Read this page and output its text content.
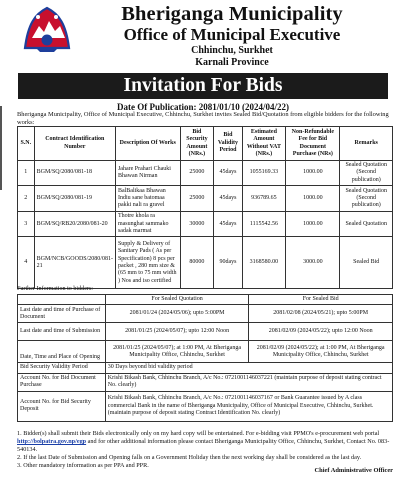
Bheriganga Municipality
Office of Municipal Executive
Chhinchu, Surkhet
Karnali Province
Invitation For Bids
Date Of Publication: 2081/01/10 (2024/04/22)
Bheriganga Municipality, Office of Municipal Executive, Chhinchu, Surkhet invites Sealed Bid/Quotation from eligible bidders for the following works:
S.N.	Contract Identification Number	Description Of Works	Bid Security Amount (NRs.)	Bid Validity Period	Estimated Amount Without VAT (NRs.)	Non-Refundable Fee for Bid Document Purchase (NRs)	Remarks
1	BGM/SQ/2080/081-18	Jahare Prahari Chauki Bhawan Nirman	25000	45days	1055169.33	1000.00	Sealed Quotation (Second publication)
2	BGM/SQ/2080/081-19	BalBalikaa Bhawan Indiu sane batomaa pakki nali ra gravel	25000	45days	936789.65	1000.00	Sealed Quotation (Second publication)
3	BGM/SQ/RB20/2080/081-20	Thotre khola ra masunghat sammako sadak marmat	30000	45days	1115542.56	1000.00	Sealed Quotation
4	BGM/NCB/GOODS/2080/081-21	Supply & Delivery of Sanitary Pads ( As per Specification) 8 pcs per packet , 280 mm size & (65 mm to 75 mm width ) Nos and iso certified	80000	90days	3168580.00	3000.00	Sealed Bid
Further Information to bidders:
	For Sealed Quotation	For Sealed Bid
Last date and time of Purchase of Document	2081/01/24 (2024/05/06); upto 5:00PM	2081/02/08 (2024/05/21); upto 5:00PM
Last date and time of Submission	2081/01/25 (2024/05/07); upto 12:00 Noon	2081/02/09 (2024/05/22); upto 12:00 Noon
Date, Time and Place of Opening	2081/01/25 (2024/05/07); at 1:00 PM, At Bheriganga Municipality Office, Chhinchu, Surkhet	2081/02/09 (2024/05/22); at 1:00 PM, At Bheriganga Municipality Office, Chhinchu, Surkhet
Bid Security Validity Period	30 Days beyond bid validity period	
Account No. for Bid Document Purchase	Krishi Bikash Bank, Chhinchu Branch, A/c No.: 0721001146037221 (maintain purpose of deposit stating contract No. clearly)	
Account No. for Bid Security Deposit	Krishi Bikash Bank, Chhinchu Branch, A/c No.: 0721001146037167 or Bank Guarantee issued by A class commercial Bank in the name of Bheriganga Municipality, Office of Municipal Executive, Chhinchu, Surkhet. (maintain purpose of deposit stating Contract Identification No. clearly)	
1. Bidder(s) shall submit their Bids electronically only on my hard copy will be entertained. For e-bidding visit PPMO's e-procurement web portal http://bolpatra.gov.np/egp and for other additional information please contact Bheriganga Municipality Office, Chhinchu, Surkhet, Contact No. 083-540134.
2. If the last Date of Submission and Opening falls on a Government Holiday then the next working day shall be considered as the last day.
3. Other mandatory information as per PPA and PPR.
Chief Administrative Officer
